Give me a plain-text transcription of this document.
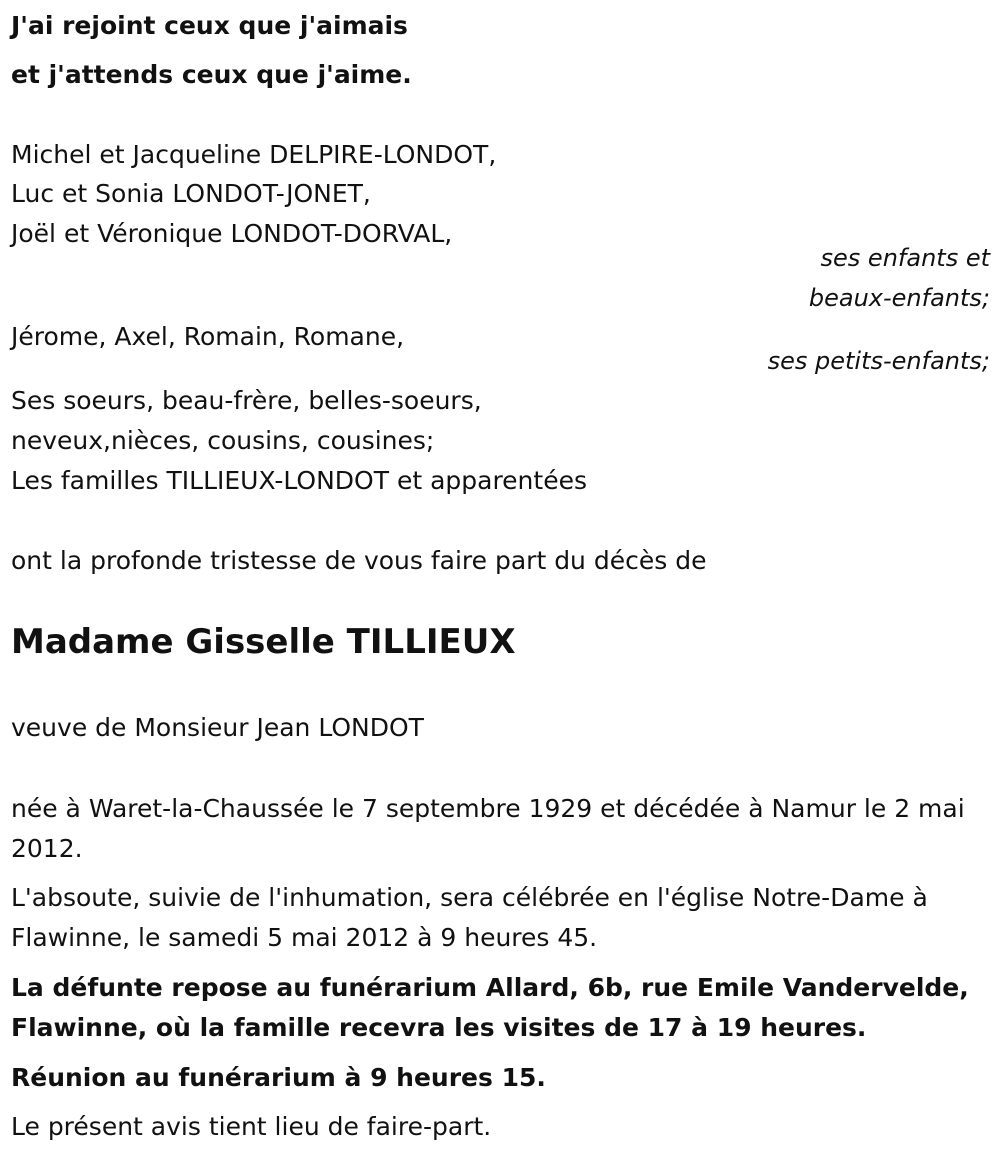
J'ai rejoint ceux que j'aimais
et j'attends ceux que j'aime.
Michel et Jacqueline DELPIRE-LONDOT,
Luc et Sonia LONDOT-JONET,
Joël et Véronique LONDOT-DORVAL,
ses enfants et
beaux-enfants;
Jérome, Axel, Romain, Romane,
ses petits-enfants;
Ses soeurs, beau-frère, belles-soeurs,
neveux,nièces, cousins, cousines;
Les familles TILLIEUX-LONDOT et apparentées
ont la profonde tristesse de vous faire part du décès de
Madame Gisselle TILLIEUX
veuve de Monsieur Jean LONDOT
née à Waret-la-Chaussée le 7 septembre 1929 et décédée à Namur le 2 mai 2012.
L'absoute, suivie de l'inhumation, sera célébrée en l'église Notre-Dame à Flawinne, le samedi 5 mai 2012 à 9 heures 45.
La défunte repose au funérarium Allard, 6b, rue Emile Vandervelde, Flawinne, où la famille recevra les visites de 17 à 19 heures.
Réunion au funérarium à 9 heures 15.
Le présent avis tient lieu de faire-part.
